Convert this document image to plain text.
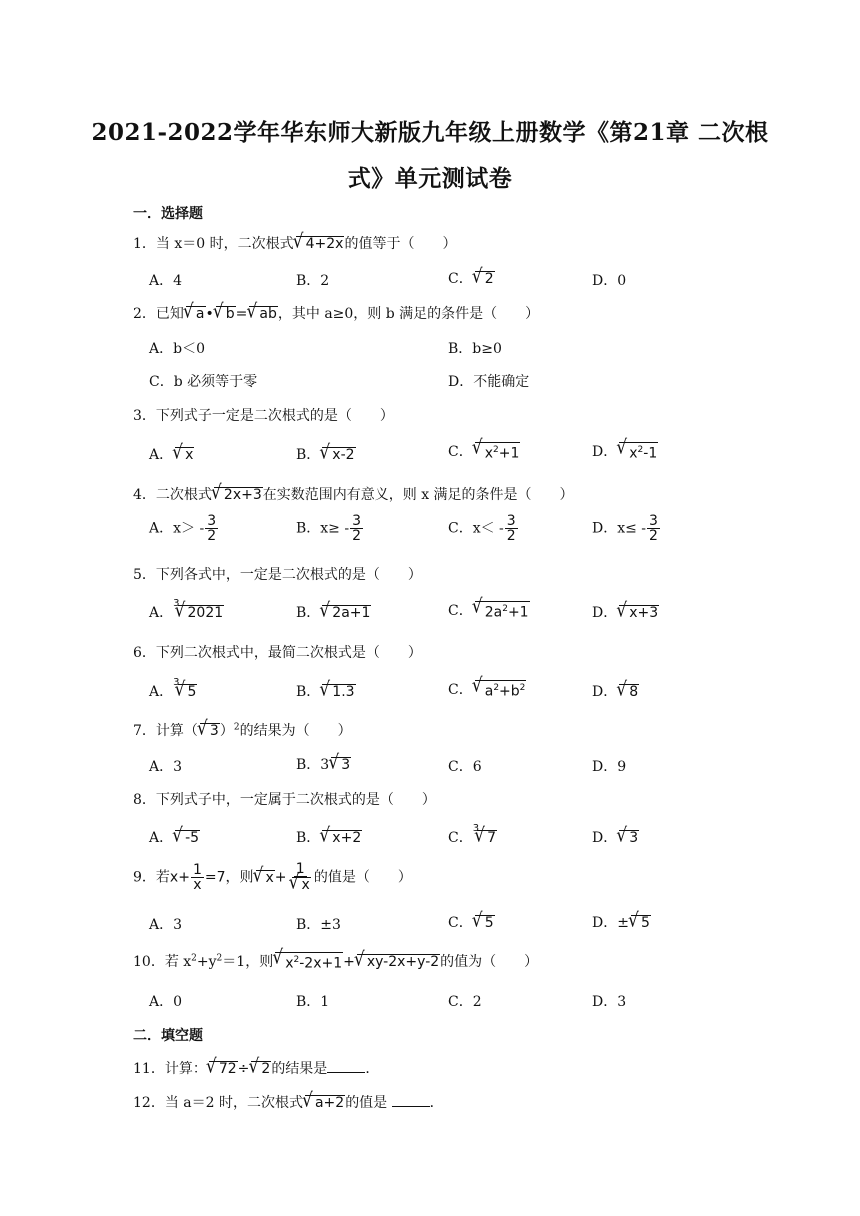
2021-2022学年华东师大新版九年级上册数学《第21章 二次根
式》单元测试卷
一．选择题
1．当 x＝0 时，二次根式√ 4+2x的值等于（　　）
A．4	B．2	C．√ 2	D．0
2．已知√ a•√ b=√ ab，其中 a≥0，则 b 满足的条件是（　　）
A．b＜0	B．b≥0
C．b 必须等于零	D．不能确定
3．下列式子一定是二次根式的是（　　）
A．√ x	B．√ x-2	C．√ $x^2+1$	D．√ $x^2-1$
4．二次根式√ 2x+3在实数范围内有意义，则 x 满足的条件是（　　）
A．$x> - \frac{3}{2}$	B．$x\ge - \frac{3}{2}$	C．$x< - \frac{3}{2}$	D．$x\le - \frac{3}{2}$
5．下列各式中，一定是二次根式的是（　　）
A．$^3$√ 2021	B．√ 2a+1	C．√ $2a^2+1$	D．√ x+3
6．下列二次根式中，最简二次根式是（　　）
A．$^3$√ 5	B．√ 1.3	C．√ $a^2+b^2$	D．√ 8
7．计算（√ 3）$^2$的结果为（　　）
A．3	B．3√ 3	C．6	D．9
8．下列式子中，一定属于二次根式的是（　　）
A．√ -5	B．√ x+2	C．$^3$√ 7	D．√ 3
9．若$x+ \frac{1}{x} =7$，则√ x+ 1
√ x 的值是（　　）
A．3	B．±3	C．√ 5	D．±√ 5
10．若 $x^2+y^2=1$，则√ $x^2-2x+1+√$ xy-2x+y-2的值为（　　）
A．0	B．1	C．2	D．3
二．填空题
11．计算：√ 72÷√ 2的结果是	．
12．当 a＝2 时，二次根式√ a+2的值是	．
